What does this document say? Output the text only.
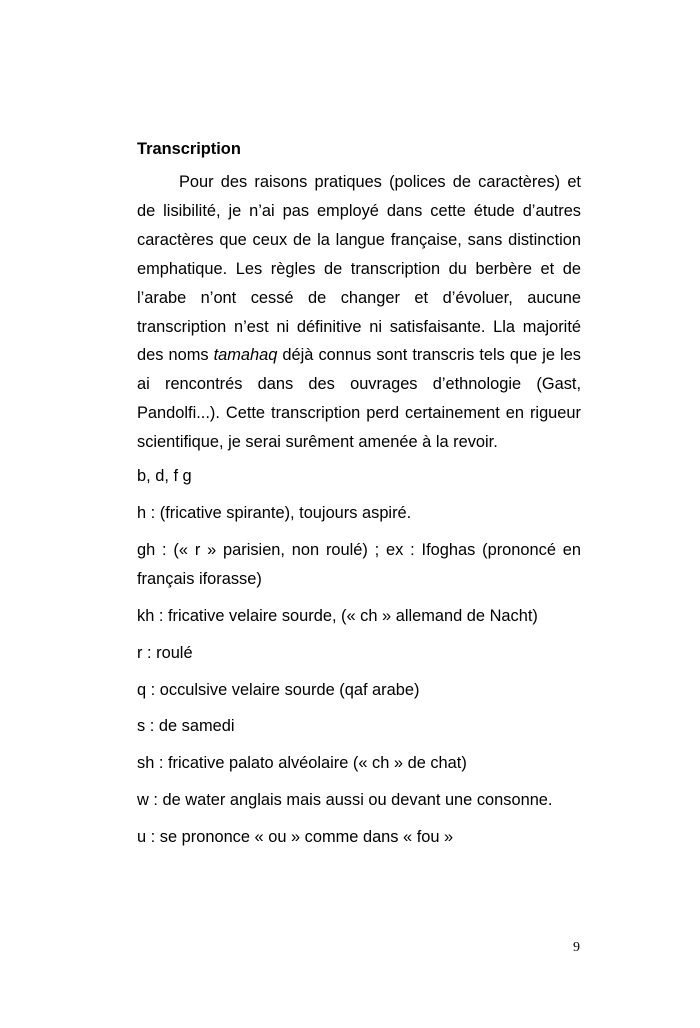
Transcription

Pour des raisons pratiques (polices de caractères) et de lisibilité, je n’ai pas employé dans cette étude d’autres caractères que ceux de la langue française, sans distinction emphatique. Les règles de transcription du berbère et de l’arabe n’ont cessé de changer et d’évoluer, aucune transcription n’est ni définitive ni satisfaisante. Lla majorité des noms tamahaq déjà connus sont transcris tels que je les ai rencontrés dans des ouvrages d’ethnologie (Gast, Pandolfi...). Cette transcription perd certainement en rigueur scientifique, je serai surêment amenée à la revoir.

b, d, f g

h : (fricative spirante), toujours aspiré.

gh : (« r » parisien, non roulé) ; ex : Ifoghas (prononcé en français iforasse)

kh : fricative velaire sourde, (« ch » allemand de Nacht)

r : roulé

q : occulsive velaire sourde (qaf arabe)

s : de samedi

sh : fricative palato alvéolaire (« ch » de chat)

w : de water anglais mais aussi ou devant une consonne.

u : se prononce « ou » comme dans « fou »

9
